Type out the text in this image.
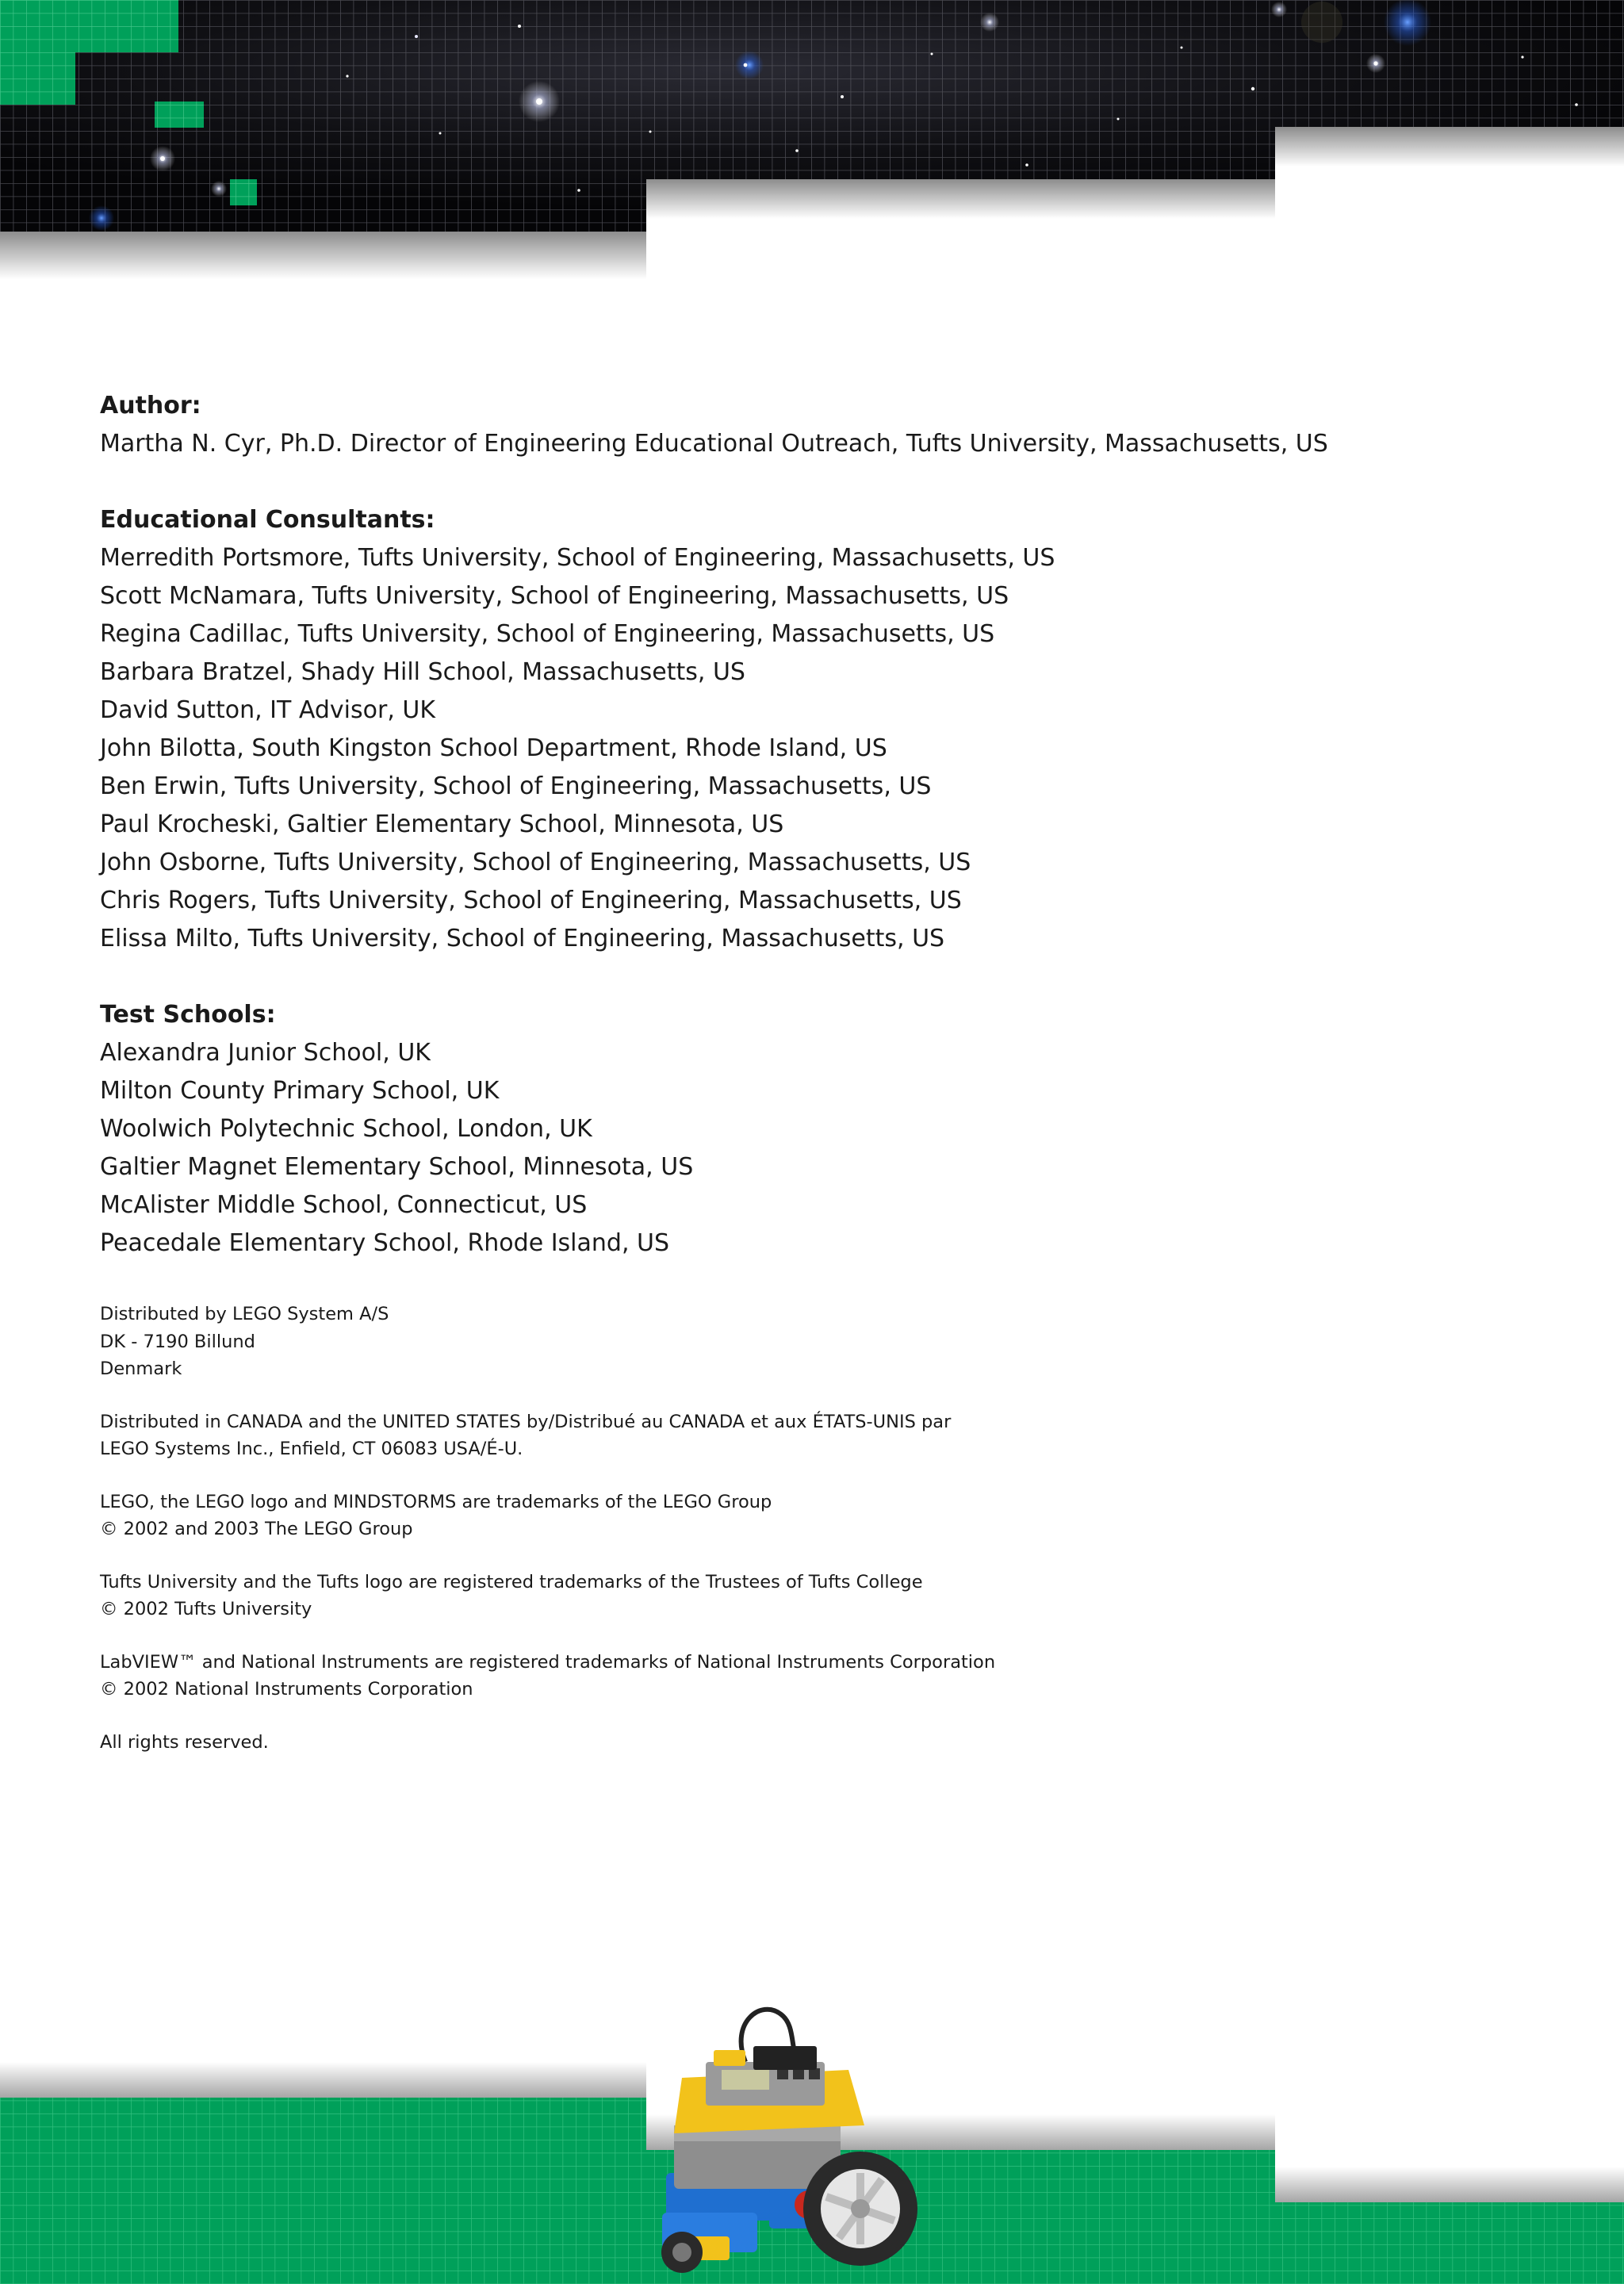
Author:
Martha N. Cyr, Ph.D. Director of Engineering Educational Outreach, Tufts University, Massachusetts, US
Educational Consultants:
Merredith Portsmore, Tufts University, School of Engineering, Massachusetts, US
Scott McNamara, Tufts University, School of Engineering, Massachusetts, US
Regina Cadillac, Tufts University, School of Engineering, Massachusetts, US
Barbara Bratzel, Shady Hill School, Massachusetts, US
David Sutton, IT Advisor, UK
John Bilotta, South Kingston School Department, Rhode Island, US
Ben Erwin, Tufts University, School of Engineering, Massachusetts, US
Paul Krocheski, Galtier Elementary School, Minnesota, US
John Osborne, Tufts University, School of Engineering, Massachusetts, US
Chris Rogers, Tufts University, School of Engineering, Massachusetts, US
Elissa Milto, Tufts University, School of Engineering, Massachusetts, US
Test Schools:
Alexandra Junior School, UK
Milton County Primary School, UK
Woolwich Polytechnic School, London, UK
Galtier Magnet Elementary School, Minnesota, US
McAlister Middle School, Connecticut, US
Peacedale Elementary School, Rhode Island, US
Distributed by LEGO System A/S
DK - 7190 Billund
Denmark
Distributed in CANADA and the UNITED STATES by/Distribué au CANADA et aux ÉTATS-UNIS par
LEGO Systems Inc., Enfield, CT 06083 USA/É-U.
LEGO, the LEGO logo and MINDSTORMS are trademarks of the LEGO Group
© 2002 and 2003 The LEGO Group
Tufts University and the Tufts logo are registered trademarks of the Trustees of Tufts College
© 2002 Tufts University
LabVIEW™ and National Instruments are registered trademarks of National Instruments Corporation
© 2002 National Instruments Corporation
All rights reserved.
